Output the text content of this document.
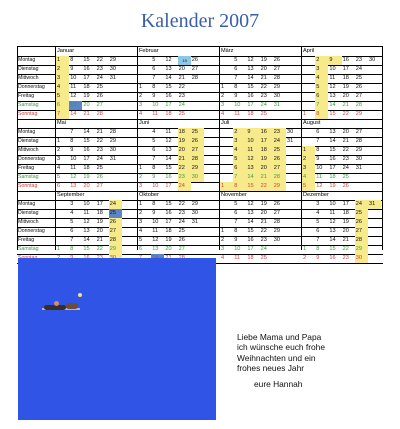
Kalender 2007
Montag
Dienstag
Mittwoch
Donnerstag
Freitag
Samstag
Sonntag
Januar
1
2
3
4
5
6
7
8
9
10
11
12
13
14
15
16
17
18
19
20
21
22
23
24
25
26
27
28
29
30
31
Februar
1
2
3
4
5
6
7
8
9
10
11
12
13
14
15
16
17
18
19
20
21
22
23
24
25
26
27
28
März
1
2
3
4
5
6
7
8
9
10
11
12
13
14
15
16
17
18
19
20
21
22
23
24
25
26
27
28
29
30
31
April
1
2
3
4
5
6
7
8
9
10
11
12
13
14
15
16
17
18
19
20
21
22
23
24
25
26
27
28
29
30
Montag
Dienstag
Mittwoch
Donnerstag
Freitag
Samstag
Sonntag
Mai
1
2
3
4
5
6
7
8
9
10
11
12
13
14
15
16
17
18
19
20
21
22
23
24
25
26
27
28
29
30
31
Juni
1
2
3
4
5
6
7
8
9
10
11
12
13
14
15
16
17
18
19
20
21
22
23
24
25
26
27
28
29
30
Juli
1
2
3
4
5
6
7
8
9
10
11
12
13
14
15
16
17
18
19
20
21
22
23
24
25
26
27
28
29
30
31
August
1
2
3
4
5
6
7
8
9
10
11
12
13
14
15
16
17
18
19
20
21
22
23
24
25
26
27
28
29
30
31
Montag
Dienstag
Mittwoch
Donnerstag
Freitag
Samstag
September
1
3
4
5
6
7
8
10
11
12
13
14
15
17
18
19
20
21
22
24
25
26
27
28
29
Oktober
1
2
3
4
5
6
8
9
10
11
12
13
15
16
17
18
19
20
22
23
24
25
26
27
29
30
31
November
1
2
3
4
5
6
7
8
9
10
11
12
13
14
15
16
17
18
19
20
21
22
23
24
25
26
27
28
29
30
Dezember
1
2
3
4
5
6
7
8
9
10
11
12
13
14
15
16
17
18
19
20
21
22
23
24
25
26
27
28
29
30
31
Liebe Mama und Papa
ich wünsche euch frohe
Weihnachten und ein
frohes neues Jahr
eure Hannah
